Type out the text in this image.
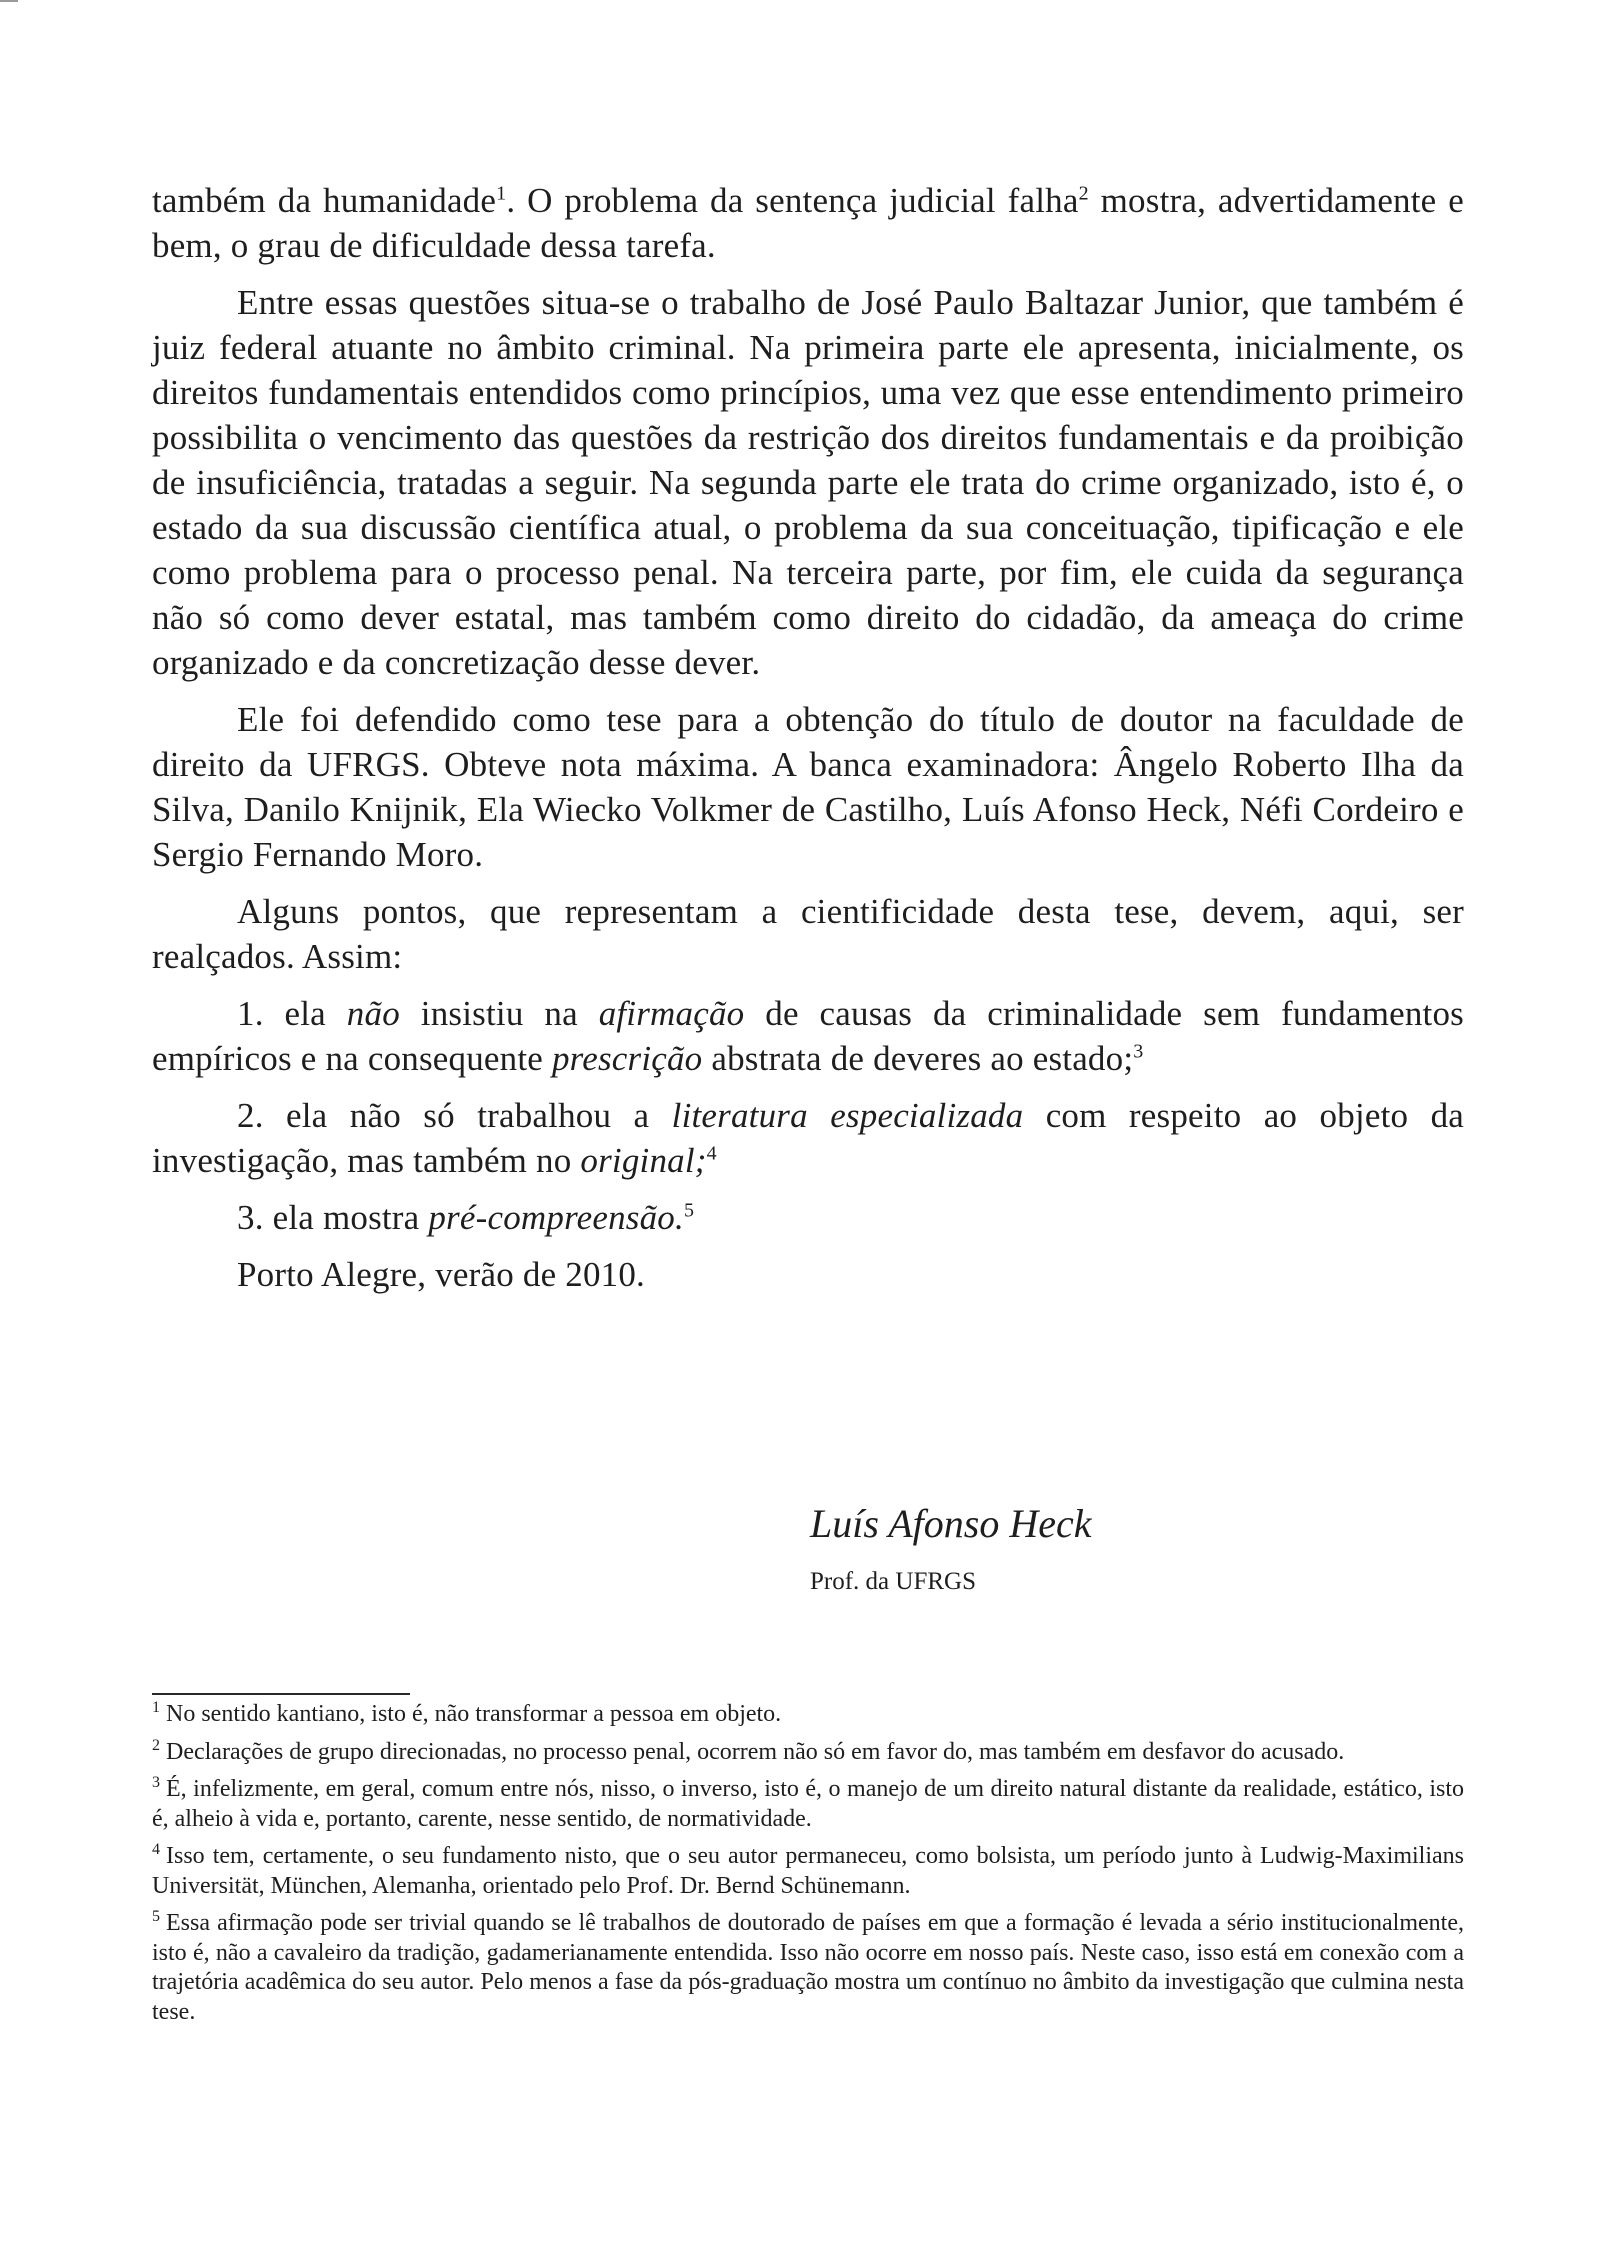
também da humanidade$^1$. O problema da sentença judicial falha$^2$ mostra, advertidamente e bem, o grau de dificuldade dessa tarefa.

Entre essas questões situa-se o trabalho de José Paulo Baltazar Junior, que também é juiz federal atuante no âmbito criminal. Na primeira parte ele apresenta, inicialmente, os direitos fundamentais entendidos como princípios, uma vez que esse entendimento primeiro possibilita o vencimento das questões da restrição dos direitos fundamentais e da proibição de insuficiência, tratadas a seguir. Na segunda parte ele trata do crime organizado, isto é, o estado da sua discussão científica atual, o problema da sua conceituação, tipificação e ele como problema para o processo penal. Na terceira parte, por fim, ele cuida da segurança não só como dever estatal, mas também como direito do cidadão, da ameaça do crime organizado e da concretização desse dever.

Ele foi defendido como tese para a obtenção do título de doutor na faculdade de direito da UFRGS. Obteve nota máxima. A banca examinadora: Ângelo Roberto Ilha da Silva, Danilo Knijnik, Ela Wiecko Volkmer de Castilho, Luís Afonso Heck, Néfi Cordeiro e Sergio Fernando Moro.

Alguns pontos, que representam a cientificidade desta tese, devem, aqui, ser realçados. Assim:

1. ela não insistiu na afirmação de causas da criminalidade sem fundamentos empíricos e na consequente prescrição abstrata de deveres ao estado;$^3$

2. ela não só trabalhou a literatura especializada com respeito ao objeto da investigação, mas também no original;$^4$

3. ela mostra pré-compreensão.$^5$

Porto Alegre, verão de 2010.

Luís Afonso Heck
Prof. da UFRGS

$^1$ No sentido kantiano, isto é, não transformar a pessoa em objeto.

$^2$ Declarações de grupo direcionadas, no processo penal, ocorrem não só em favor do, mas também em desfavor do acusado.

$^3$ É, infelizmente, em geral, comum entre nós, nisso, o inverso, isto é, o manejo de um direito natural distante da realidade, estático, isto é, alheio à vida e, portanto, carente, nesse sentido, de normatividade.

$^4$ Isso tem, certamente, o seu fundamento nisto, que o seu autor permaneceu, como bolsista, um período junto à Ludwig-Maximilians Universität, München, Alemanha, orientado pelo Prof. Dr. Bernd Schünemann.

$^5$ Essa afirmação pode ser trivial quando se lê trabalhos de doutorado de países em que a formação é levada a sério institucionalmente, isto é, não a cavaleiro da tradição, gadamerianamente entendida. Isso não ocorre em nosso país. Neste caso, isso está em conexão com a trajetória acadêmica do seu autor. Pelo menos a fase da pós-graduação mostra um contínuo no âmbito da investigação que culmina nesta tese.
